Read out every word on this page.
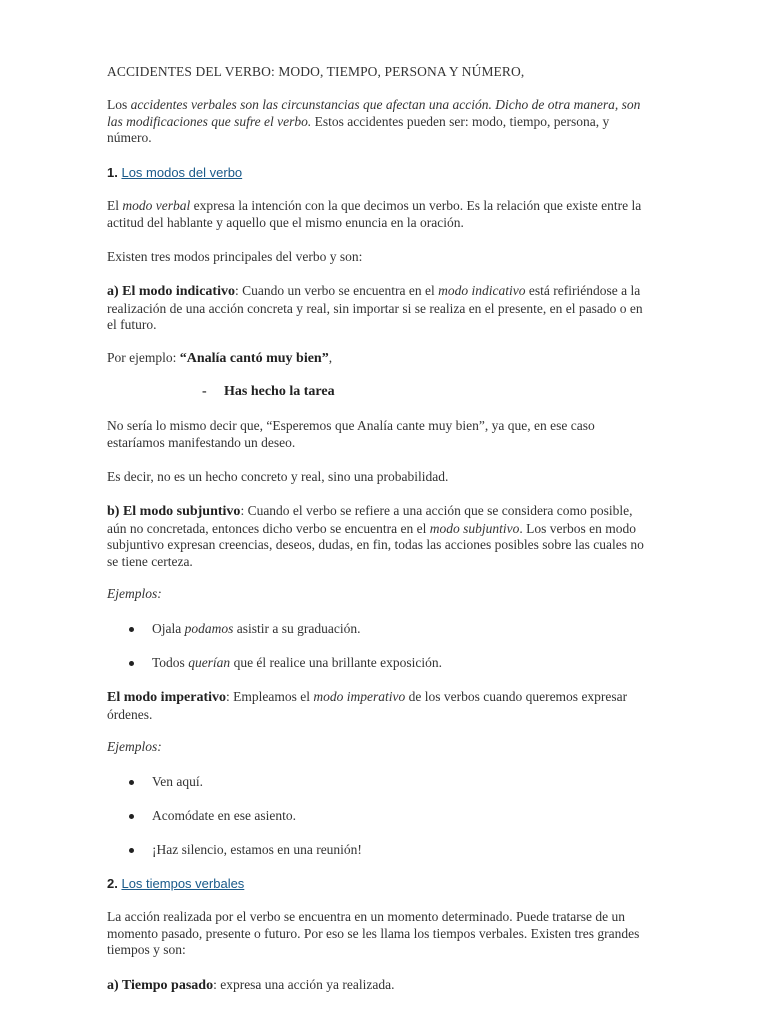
ACCIDENTES DEL VERBO: MODO, TIEMPO, PERSONA Y NÚMERO,

Los accidentes verbales son las circunstancias que afectan una acción. Dicho de otra manera, son las modificaciones que sufre el verbo. Estos accidentes pueden ser: modo, tiempo, persona, y número.

1. Los modos del verbo

El modo verbal expresa la intención con la que decimos un verbo. Es la relación que existe entre la actitud del hablante y aquello que el mismo enuncia en la oración.

Existen tres modos principales del verbo y son:

a) El modo indicativo: Cuando un verbo se encuentra en el modo indicativo está refiriéndose a la realización de una acción concreta y real, sin importar si se realiza en el presente, en el pasado o en el futuro.

Por ejemplo: “Analía cantó muy bien”,

- Has hecho la tarea

No sería lo mismo decir que, “Esperemos que Analía cante muy bien”, ya que, en ese caso estaríamos manifestando un deseo.

Es decir, no es un hecho concreto y real, sino una probabilidad.

b) El modo subjuntivo: Cuando el verbo se refiere a una acción que se considera como posible, aún no concretada, entonces dicho verbo se encuentra en el modo subjuntivo. Los verbos en modo subjuntivo expresan creencias, deseos, dudas, en fin, todas las acciones posibles sobre las cuales no se tiene certeza.

Ejemplos:

Ojala podamos asistir a su graduación.
Todos querían que él realice una brillante exposición.

El modo imperativo: Empleamos el modo imperativo de los verbos cuando queremos expresar órdenes.

Ejemplos:

Ven aquí.
Acomódate en ese asiento.
¡Haz silencio, estamos en una reunión!

2. Los tiempos verbales

La acción realizada por el verbo se encuentra en un momento determinado. Puede tratarse de un momento pasado, presente o futuro. Por eso se les llama los tiempos verbales. Existen tres grandes tiempos y son:

a) Tiempo pasado: expresa una acción ya realizada.
